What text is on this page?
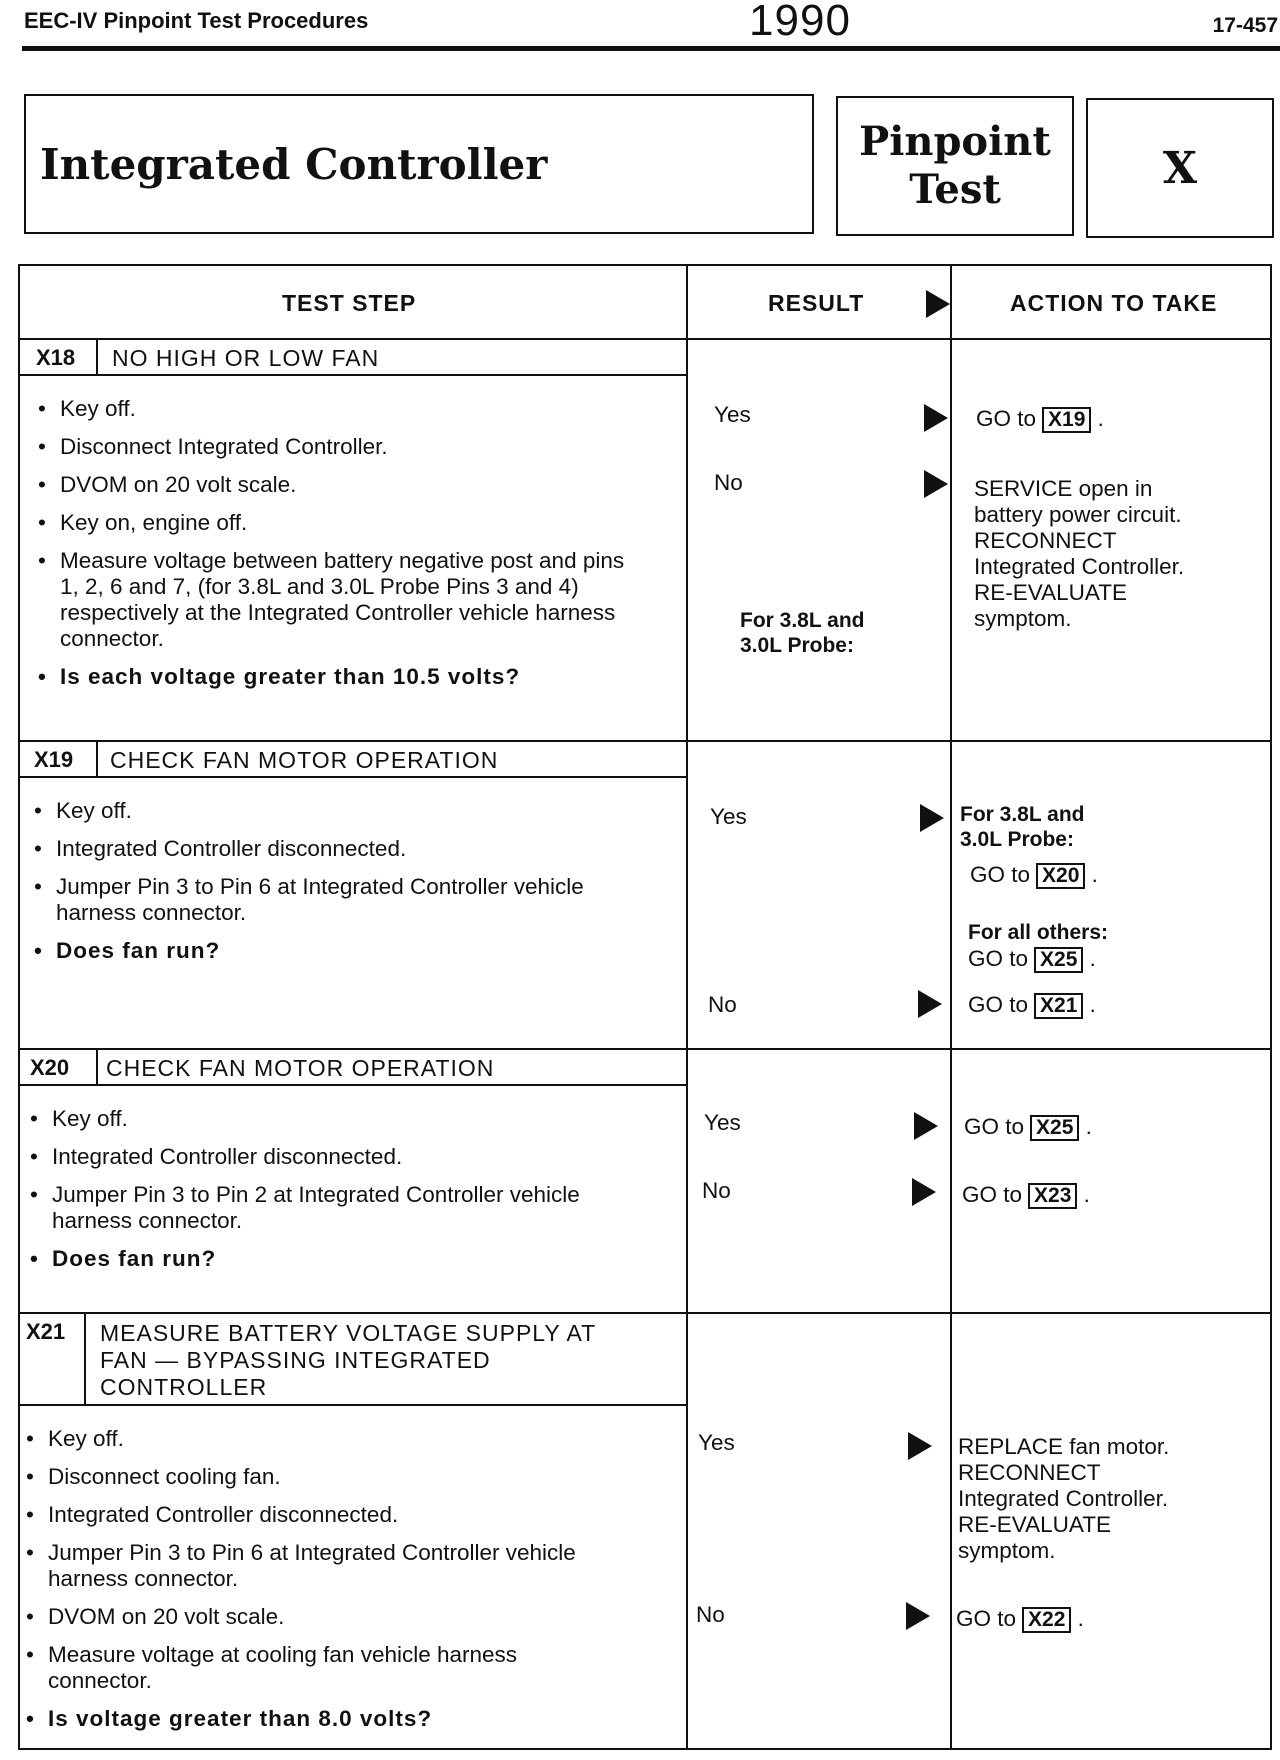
EEC-IV Pinpoint Test Procedures	1990	17-457
Integrated Controller	Pinpoint
Test	X
TEST STEP	RESULT	ACTION TO TAKE
X18 NO HIGH OR LOW FAN
• Key off.
• Disconnect Integrated Controller.
• DVOM on 20 volt scale.
• Key on, engine off.
• Measure voltage between battery negative post and pins 1, 2, 6 and 7, (for 3.8L and 3.0L Probe Pins 3 and 4) respectively at the Integrated Controller vehicle harness connector.
• Is each voltage greater than 10.5 volts?
Yes	GO to X19 .
No	SERVICE open in
battery power circuit.
RECONNECT
Integrated Controller.
RE-EVALUATE
symptom.
For 3.8L and
3.0L Probe:
X19 CHECK FAN MOTOR OPERATION
• Key off.
• Integrated Controller disconnected.
• Jumper Pin 3 to Pin 6 at Integrated Controller vehicle harness connector.
• Does fan run?
Yes	For 3.8L and
3.0L Probe:
GO to X20 .
For all others:
GO to X25 .
No	GO to X21 .
X20 CHECK FAN MOTOR OPERATION
• Key off.
• Integrated Controller disconnected.
• Jumper Pin 3 to Pin 2 at Integrated Controller vehicle harness connector.
• Does fan run?
Yes	GO to X25 .
No	GO to X23 .
X21 MEASURE BATTERY VOLTAGE SUPPLY AT
FAN — BYPASSING INTEGRATED
CONTROLLER
• Key off.
• Disconnect cooling fan.
• Integrated Controller disconnected.
• Jumper Pin 3 to Pin 6 at Integrated Controller vehicle harness connector.
• DVOM on 20 volt scale.
• Measure voltage at cooling fan vehicle harness connector.
• Is voltage greater than 8.0 volts?
Yes	REPLACE fan motor.
RECONNECT
Integrated Controller.
RE-EVALUATE
symptom.
No	GO to X22 .
